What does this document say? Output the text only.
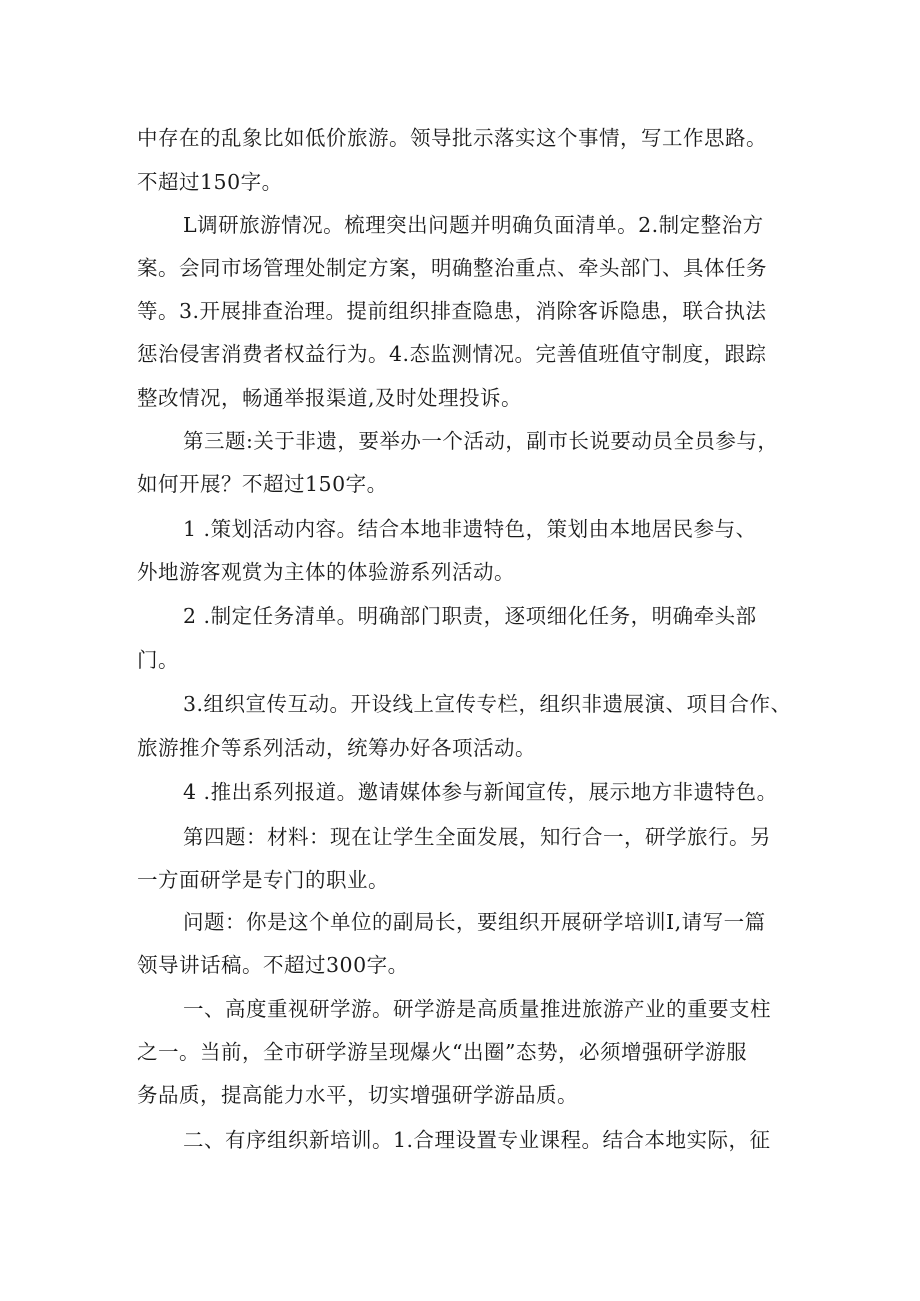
中存在的乱象比如低价旅游。领导批示落实这个事情，写工作思路。
不超过150字。
L调研旅游情况。梳理突出问题并明确负面清单。2.制定整治方
案。会同市场管理处制定方案，明确整治重点、牵头部门、具体任务
等。3.开展排查治理。提前组织排查隐患，消除客诉隐患，联合执法
惩治侵害消费者权益行为。4.态监测情况。完善值班值守制度，跟踪
整改情况，畅通举报渠道,及时处理投诉。
第三题:关于非遗，要举办一个活动，副市长说要动员全员参与，
如何开展？不超过150字。
1 .策划活动内容。结合本地非遗特色，策划由本地居民参与、
外地游客观赏为主体的体验游系列活动。
2 .制定任务清单。明确部门职责，逐项细化任务，明确牵头部
门。
3.组织宣传互动。开设线上宣传专栏，组织非遗展演、项目合作、
旅游推介等系列活动，统筹办好各项活动。
4 .推出系列报道。邀请媒体参与新闻宣传，展示地方非遗特色。
第四题：材料：现在让学生全面发展，知行合一，研学旅行。另
一方面研学是专门的职业。
问题：你是这个单位的副局长，要组织开展研学培训I,请写一篇
领导讲话稿。不超过300字。
一、高度重视研学游。研学游是高质量推进旅游产业的重要支柱
之一。当前，全市研学游呈现爆火“出圈”态势，必须增强研学游服
务品质，提高能力水平，切实增强研学游品质。
二、有序组织新培训。1.合理设置专业课程。结合本地实际，征
